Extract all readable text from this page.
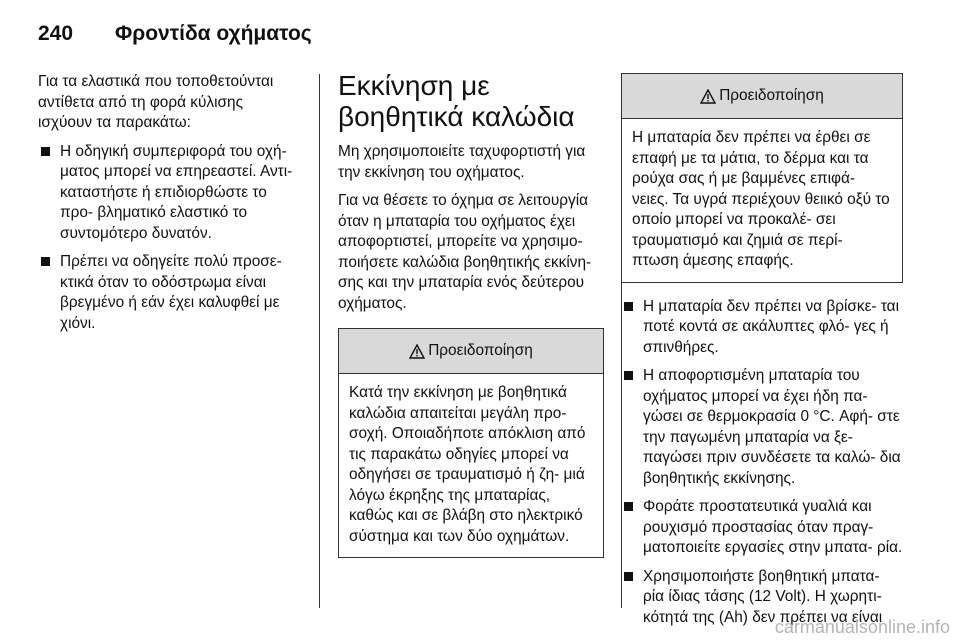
240	Φροντίδα οχήματος

Για τα ελαστικά που τοποθετούνται αντίθετα από τη φορά κύλισης ισχύουν τα παρακάτω:

Η οδηγική συμπεριφορά του οχή- ματος μπορεί να επηρεαστεί. Αντι- καταστήστε ή επιδιορθώστε το προ- βληματικό ελαστικό το συντομότερο δυνατόν.
Πρέπει να οδηγείτε πολύ προσε- κτικά όταν το οδόστρωμα είναι βρεγμένο ή εάν έχει καλυφθεί με χιόνι.
Εκκίνηση με βοηθητικά καλώδια

Μη χρησιμοποιείτε ταχυφορτιστή για την εκκίνηση του οχήματος.

Για να θέσετε το όχημα σε λειτουργία όταν η μπαταρία του οχήματος έχει αποφορτιστεί, μπορείτε να χρησιμο- ποιήσετε καλώδια βοηθητικής εκκίνη- σης και την μπαταρία ενός δεύτερου οχήματος.

Προειδοποίηση
Κατά την εκκίνηση με βοηθητικά καλώδια απαιτείται μεγάλη προ- σοχή. Οποιαδήποτε απόκλιση από τις παρακάτω οδηγίες μπορεί να οδηγήσει σε τραυματισμό ή ζη- μιά λόγω έκρηξης της μπαταρίας, καθώς και σε βλάβη στο ηλεκτρικό σύστημα και των δύο οχημάτων.
Προειδοποίηση
Η μπαταρία δεν πρέπει να έρθει σε επαφή με τα μάτια, το δέρμα και τα ρούχα σας ή με βαμμένες επιφά- νειες. Τα υγρά περιέχουν θειικό οξύ το οποίο μπορεί να προκαλέ- σει τραυματισμό και ζημιά σε περί- πτωση άμεσης επαφής.
Η μπαταρία δεν πρέπει να βρίσκε- ται ποτέ κοντά σε ακάλυπτες φλό- γες ή σπινθήρες.
Η αποφορτισμένη μπαταρία του οχήματος μπορεί να έχει ήδη πα- γώσει σε θερμοκρασία 0 °C. Αφή- στε την παγωμένη μπαταρία να ξε- παγώσει πριν συνδέσετε τα καλώ- δια βοηθητικής εκκίνησης.
Φοράτε προστατευτικά γυαλιά και ρουχισμό προστασίας όταν πραγ- ματοποιείτε εργασίες στην μπατα- ρία.
Χρησιμοποιήστε βοηθητική μπατα- ρία ίδιας τάσης (12 Volt). Η χωρητι- κότητά της (Ah) δεν πρέπει να είναι
carmanualsonline.info
